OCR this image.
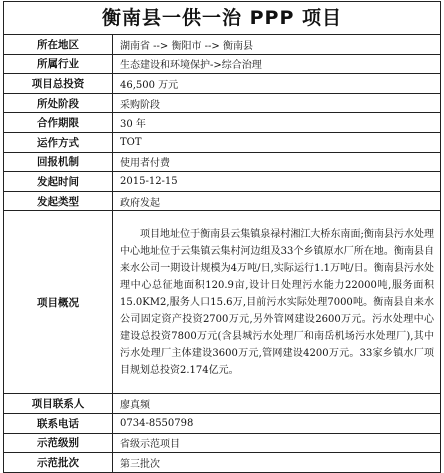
衡南县一供一治 PPP 项目
所在地区	湖南省 --> 衡阳市 --> 衡南县
所属行业	生态建设和环境保护->综合治理
项目总投资	46,500 万元
所处阶段	采购阶段
合作期限	30 年
运作方式	TOT
回报机制	使用者付费
发起时间	2015-12-15
发起类型	政府发起
项目概况	项目地址位于衡南县云集镇泉禄村湘江大桥东南面;衡南县污水处理中心地址位于云集镇云集村河边组及33个乡镇原水厂所在地。衡南县自来水公司一期设计规模为4万吨/日,实际运行1.1万吨/日。衡南县污水处理中心总征地面积120.9亩,设计日处理污水能力22000吨,服务面积15.0KM2,服务人口15.6万,目前污水实际处理7000吨。衡南县自来水公司固定资产投资2700万元,另外管网建设2600万元。污水处理中心建设总投资7800万元(含县城污水处理厂和南岳机场污水处理厂),其中污水处理厂主体建设3600万元,管网建设4200万元。33家乡镇水厂项目规划总投资2.174亿元。
项目联系人	廖真频
联系电话	0734-8550798
示范级别	省级示范项目
示范批次	第三批次
